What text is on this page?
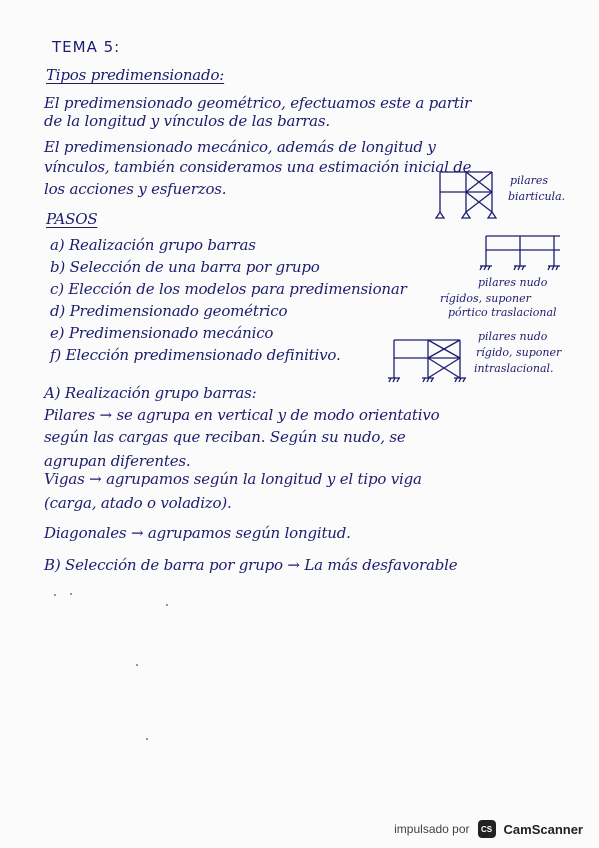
TEMA 5:
Tipos predimensionado:
El predimensionado geométrico, efectuamos este a partir
de la longitud y vínculos de las barras.
El predimensionado mecánico, además de longitud y
vínculos, también consideramos una estimación inicial de
los acciones y esfuerzos.	pilares
biarticula.
PASOS
a) Realización grupo barras
b) Selección de una barra por grupo
c) Elección de los modelos para predimensionar
d) Predimensionado geométrico
e) Predimensionado mecánico
f) Elección predimensionado definitivo.
pilares nudo
rígidos, suponer
pórtico traslacional
pilares nudo
rígido, suponer
intraslacional.
A) Realización grupo barras:
Pilares → se agrupa en vertical y de modo orientativo
según las cargas que reciban. Según su nudo, se
agrupan diferentes.
Vigas → agrupamos según la longitud y el tipo viga
(carga, atado o voladizo).
Diagonales → agrupamos según longitud.
B) Selección de barra por grupo → La más desfavorable
impulsado por	CS CamScanner
